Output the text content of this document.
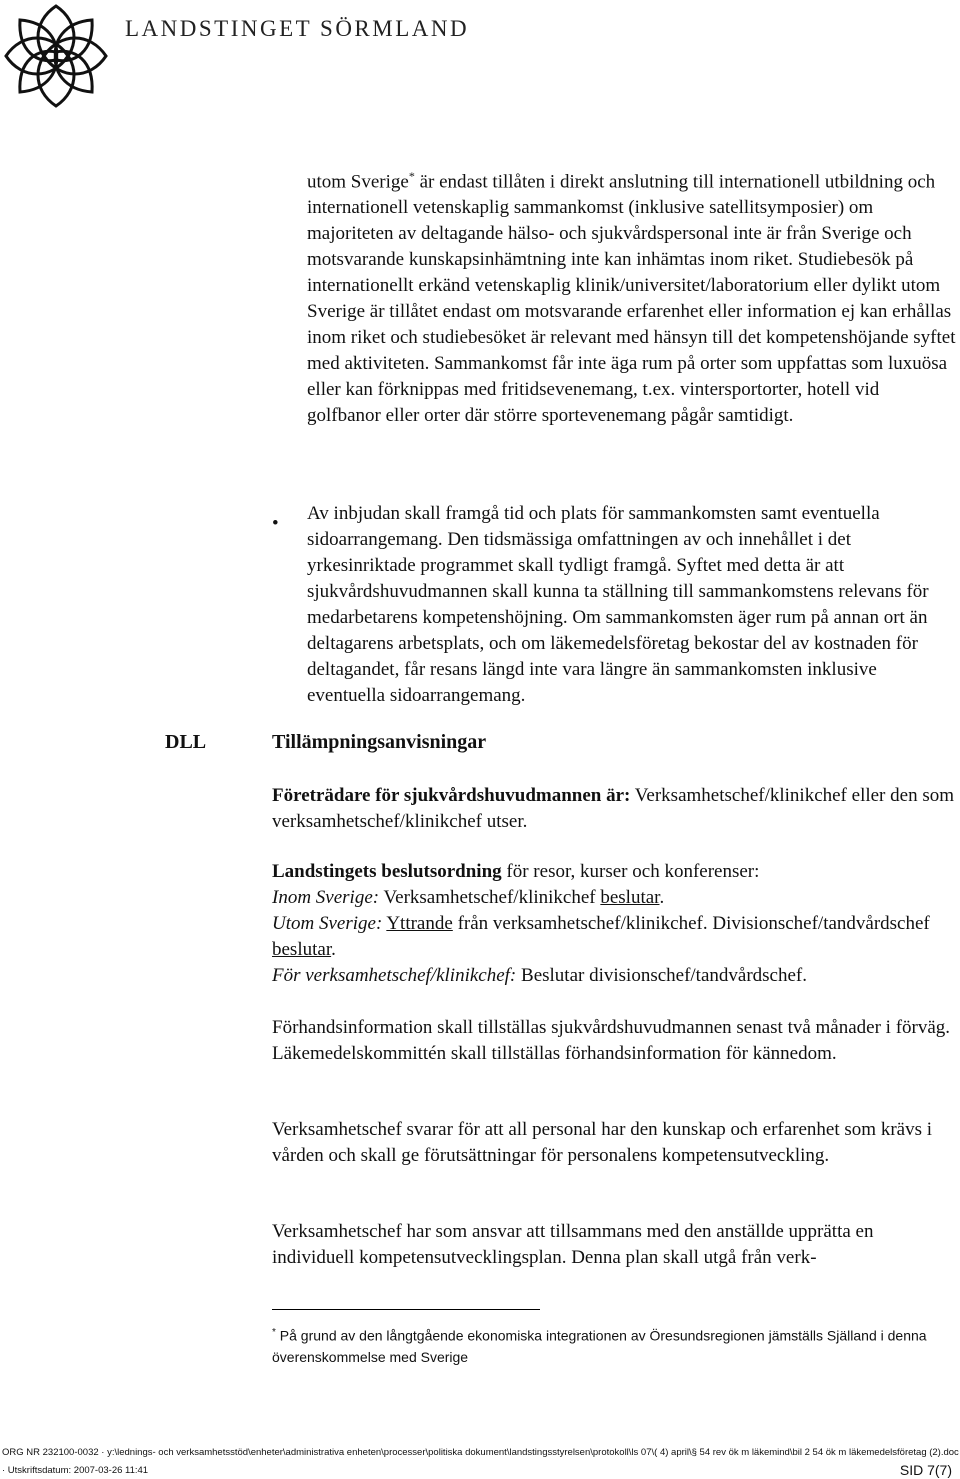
LANDSTINGET SÖRMLAND

utom Sverige* är endast tillåten i direkt anslutning till internationell utbildning och internationell vetenskaplig sammankomst (inklusive satellitsymposier) om majoriteten av deltagande hälso- och sjukvårdspersonal inte är från Sverige och motsvarande kunskapsinhämtning inte kan inhämtas inom riket. Studiebesök på internationellt erkänd vetenskaplig klinik/universitet/laboratorium eller dylikt utom Sverige är tillåtet endast om motsvarande erfarenhet eller information ej kan erhållas inom riket och studiebesöket är relevant med hänsyn till det kompetenshöjande syftet med aktiviteten. Sammankomst får inte äga rum på orter som uppfattas som luxuösa eller kan förknippas med fritidsevenemang, t.ex. vintersportorter, hotell vid golfbanor eller orter där större sportevenemang pågår samtidigt.

• Av inbjudan skall framgå tid och plats för sammankomsten samt eventuella sidoarrangemang. Den tidsmässiga omfattningen av och innehållet i det yrkesinriktade programmet skall tydligt framgå. Syftet med detta är att sjukvårdshuvudmannen skall kunna ta ställning till sammankomstens relevans för medarbetarens kompetenshöjning. Om sammankomsten äger rum på annan ort än deltagarens arbetsplats, och om läkemedelsföretag bekostar del av kostnaden för deltagandet, får resans längd inte vara längre än sammankomsten inklusive eventuella sidoarrangemang.

DLL	Tillämpningsanvisningar

Företrädare för sjukvårdshuvudmannen är: Verksamhetschef/klinikchef eller den som verksamhetschef/klinikchef utser.

Landstingets beslutsordning för resor, kurser och konferenser:
Inom Sverige: Verksamhetschef/klinikchef beslutar.
Utom Sverige: Yttrande från verksamhetschef/klinikchef. Divisionschef/tandvårdschef beslutar.
För verksamhetschef/klinikchef: Beslutar divisionschef/tandvårdschef.

Förhandsinformation skall tillställas sjukvårdshuvudmannen senast två månader i förväg. Läkemedelskommittén skall tillställas förhandsinformation för kännedom.

Verksamhetschef svarar för att all personal har den kunskap och erfarenhet som krävs i vården och skall ge förutsättningar för personalens kompetensutveckling.

Verksamhetschef har som ansvar att tillsammans med den anställde upprätta en individuell kompetensutvecklingsplan. Denna plan skall utgå från verk-

* På grund av den långtgående ekonomiska integrationen av Öresundsregionen jämställs Själland i denna överenskommelse med Sverige

ORG NR 232100-0032 · y:\lednings- och verksamhetsstöd\enheter\administrativa enheten\processer\politiska dokument\landstingsstyrelsen\protokoll\ls 07\( 4) april\§ 54 rev ök m läkemind\bil 2 54 ök m läkemedelsföretag (2).doc
· Utskriftsdatum: 2007-03-26 11:41	SID 7(7)
